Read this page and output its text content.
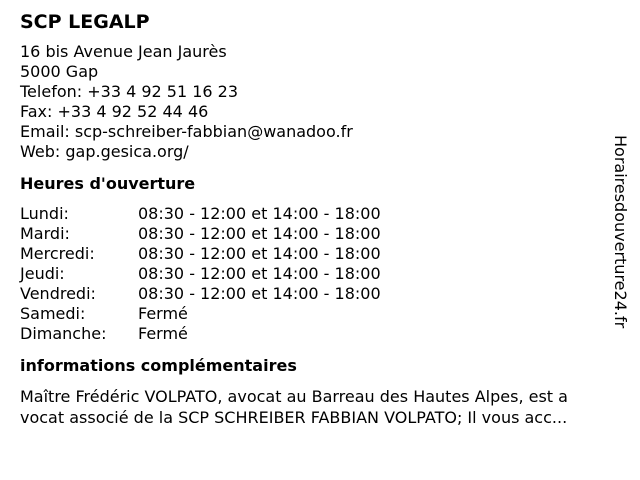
SCP LEGALP
16 bis Avenue Jean Jaurès
5000 Gap
Telefon: +33 4 92 51 16 23
Fax: +33 4 92 52 44 46
Email: scp-schreiber-fabbian@wanadoo.fr
Web: gap.gesica.org/
Heures d'ouverture
Lundi:	08:30 - 12:00 et 14:00 - 18:00
Mardi:	08:30 - 12:00 et 14:00 - 18:00
Mercredi:	08:30 - 12:00 et 14:00 - 18:00
Jeudi:	08:30 - 12:00 et 14:00 - 18:00
Vendredi:	08:30 - 12:00 et 14:00 - 18:00
Samedi:	Fermé
Dimanche: Fermé
informations complémentaires
Maître Frédéric VOLPATO, avocat au Barreau des Hautes Alpes, est a
vocat associé de la SCP SCHREIBER FABBIAN VOLPATO; Il vous acc...
Horairesdouverture24.fr
